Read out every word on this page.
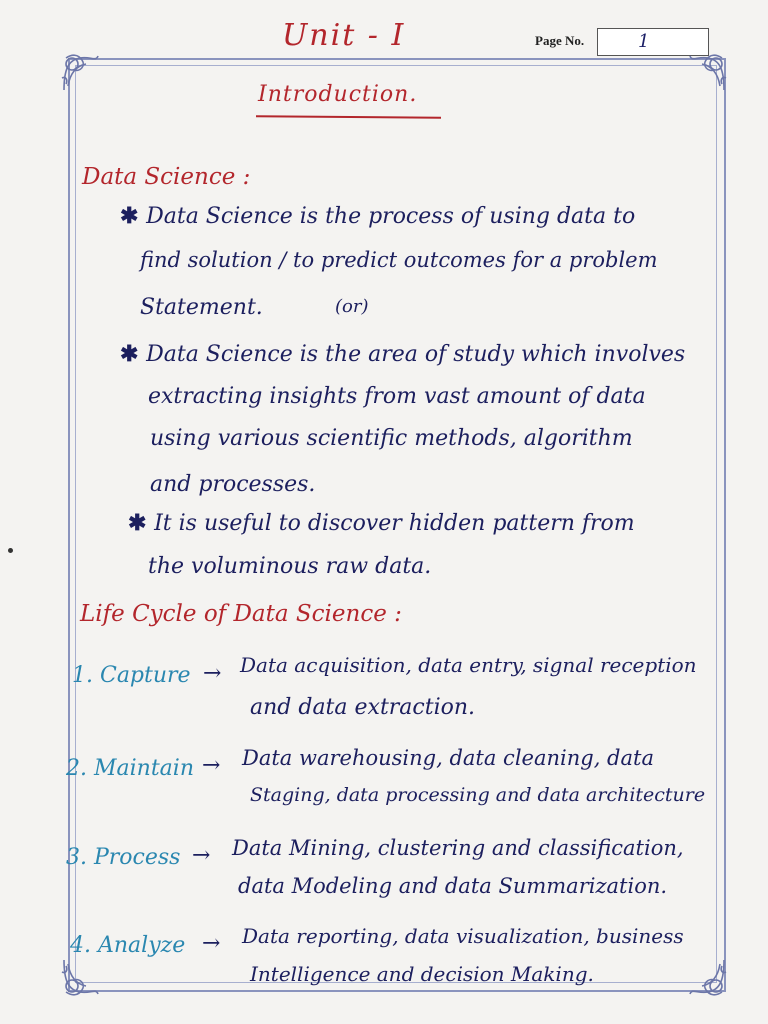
Unit - I	Page No.	1
Introduction.
Data Science :
✱ Data Science is the process of using data to
find solution / to predict outcomes for a problem
Statement.	(or)
✱ Data Science is the area of study which involves
extracting insights from vast amount of data
using various scientific methods, algorithm
and processes.
✱ It is useful to discover hidden pattern from
the voluminous raw data.
Life Cycle of Data Science :
1. Capture → Data acquisition, data entry, signal reception
and data extraction.
2. Maintain → Data warehousing, data cleaning, data
Staging, data processing and data architecture
3. Process → Data Mining, clustering and classification,
data Modeling and data Summarization.
4. Analyze → Data reporting, data visualization, business
Intelligence and decision Making.
